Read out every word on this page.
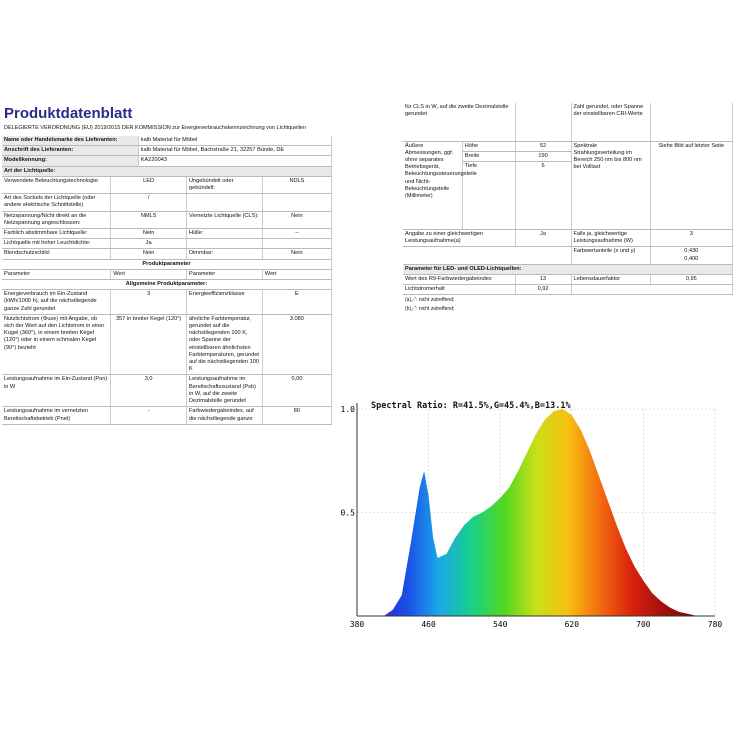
Produktdatenblatt
DELEGIERTE VERORDNUNG (EU) 2019/2015 DER KOMMISSION zur Energieverbrauchskennzeichnung von Lichtquellen
Name oder Handelsmarke des Lieferanten:	kalb Material für Möbel
Anschrift des Lieferanten:	kalb Material für Möbel, Bachstraße 21, 32257 Bünde, DE
Modellkennung:	KA220043
Art der Lichtquelle:	
Verwendete Beleuchtungstechnologie:	LED	Ungebündelt oder gebündelt:	NDLS
Art des Sockels der Lichtquelle (oder andere elektrische Schnittstelle)	/		
Netzspannung/Nicht direkt an die Netzspannung angeschlossen:	NMLS	Vernetzte Lichtquelle (CLS):	Nein
Farblich abstimmbare Lichtquelle:	Nein	Hülle:	–
Lichtquelle mit hoher Leuchtdichte:	Ja		
Blendschutzschild:	Nein	Dimmbar:	Nein
Produktparameter			
Parameter	Wert	Parameter	Wert
Allgemeine Produktparameter:			
Energieverbrauch im Ein-Zustand (kWh/1000 h), auf die nächstliegende ganze Zahl gerundet	3	Energieeffizienzklasse	E
Nutzlichtstrom (Φuse) mit Angabe, ob sich der Wert auf den Lichtstrom in einer Kugel (360°), in einem breiten Kegel (120°) oder in einem schmalen Kegel (90°) bezieht	357 in breiter Kegel (120°)	ähnliche Farbtemperatur, gerundet auf die nächstliegenden 100 K, oder Spanne der einstellbaren ähnlichsten Farbtemperaturen, gerundet auf die nächstliegenden 100 K	3.080
Leistungsaufnahme im Ein-Zustand (Pon) in W	3,0	Leistungsaufnahme im Bereitschaftszustand (Psb) in W, auf die zweite Dezimalstelle gerundet	0,00
Leistungsaufnahme im vernetzten Bereitschaftsbetrieb (Pnet)	-	Farbwiedergabeindex, auf die nächstliegende ganze	80
für CLS in W, auf die zweite Dezimalstelle gerundet			Zahl gerundet, oder Spanne der einstellbaren CRI-Werte	
Äußere Abmessungen, ggf. ohne separates Betriebsgerät, Beleuchtungssteuerungsteile und Nicht-Beleuchtungsteile (Millimeter)	Höhe	52	Spektrale Strahlungsverteilung im Bereich 250 nm bis 800 nm bei Volllast	Siehe Bild auf letzter Seite
	Breite	190		
	Tiefe	6		
Angabe zu einer gleichwertigen Leistungsaufnahme(a)		Ja	Falls ja, gleichwertige Leistungsaufnahme (W)	3
			Farbwertanteile (x und y)	0,430
0,400

Parameter für LED- und OLED-Lichtquellen:				
Wert des R9-Farbwiedergabeindex		13	Lebensdauerfaktor	0,95
Lichtstromerhalt		0,92		
(a)„-“: nicht zutreffend;
(b)„-“: nicht zutreffend;
380	460	540	620	700	780
1.0
0.5
Spectral Ratio: R=41.5%,G=45.4%,B=13.1%
